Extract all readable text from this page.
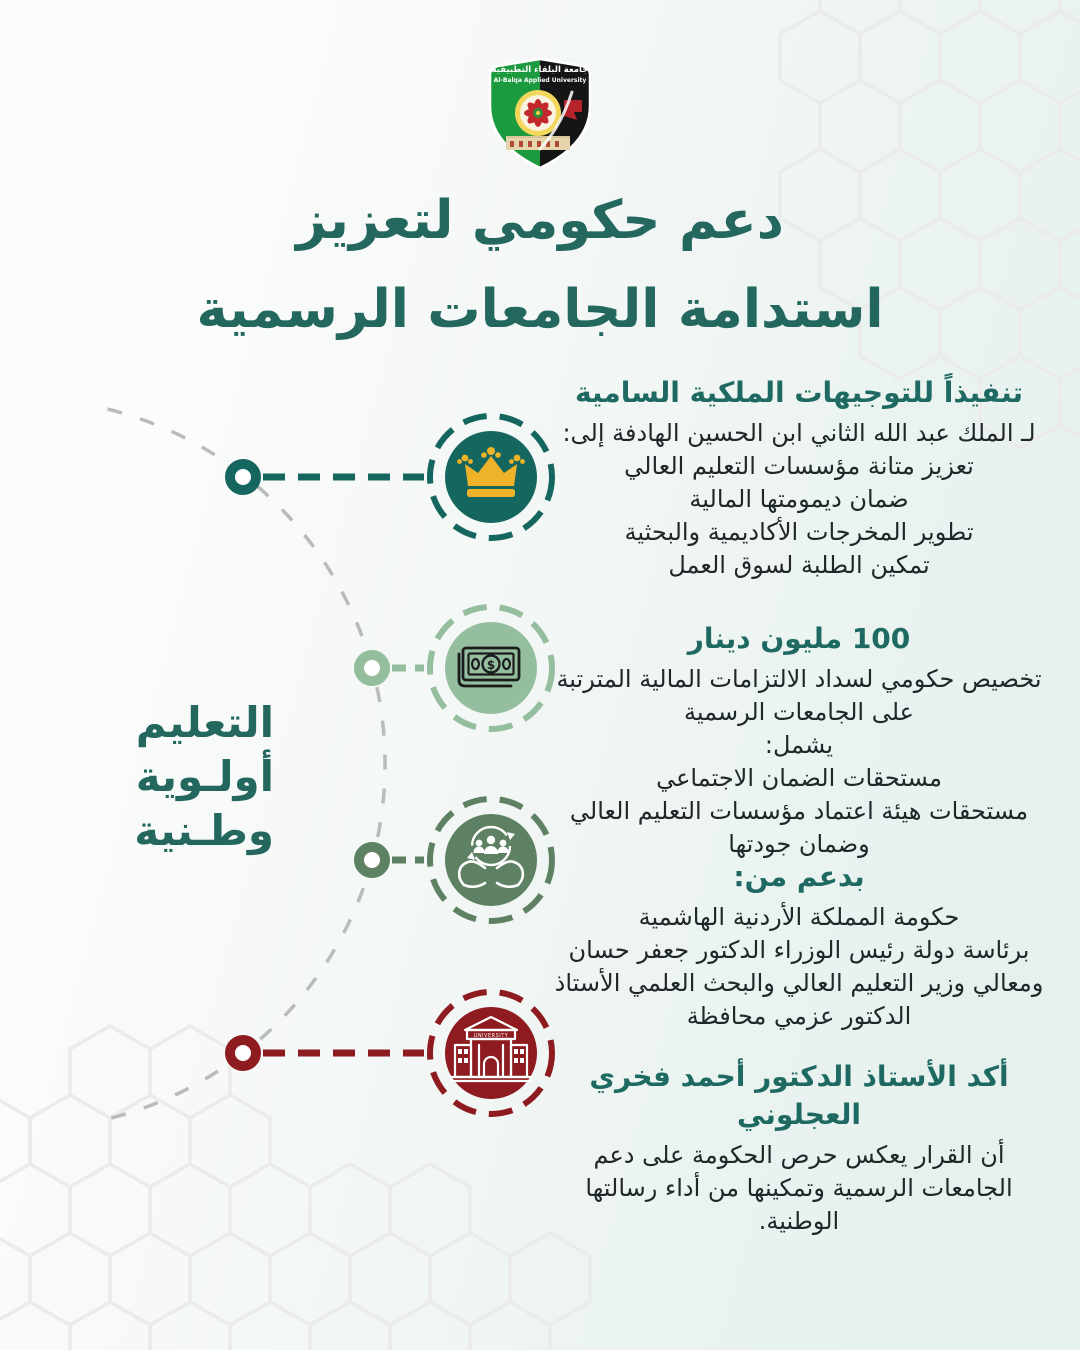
جامعة البلقاء التطبيقية
Al-Balqa Applied University
دعم حكومي لتعزيز
استدامة الجامعات الرسمية
التعليم
أولـوية
وطـنية
$
UNIVERSITY
تنفيذاً للتوجيهات الملكية السامية

لـ الملك عبد الله الثاني ابن الحسين الهادفة إلى:

تعزيز متانة مؤسسات التعليم العالي

ضمان ديمومتها المالية

تطوير المخرجات الأكاديمية والبحثية

تمكين الطلبة لسوق العمل

100 مليون دينار

تخصيص حكومي لسداد الالتزامات المالية المترتبة على الجامعات الرسمية

يشمل:

مستحقات الضمان الاجتماعي

مستحقات هيئة اعتماد مؤسسات التعليم العالي وضمان جودتها

بدعم من:

حكومة المملكة الأردنية الهاشمية

برئاسة دولة رئيس الوزراء الدكتور جعفر حسان

ومعالي وزير التعليم العالي والبحث العلمي الأستاذ الدكتور عزمي محافظة

أكد الأستاذ الدكتور أحمد فخري العجلوني

أن القرار يعكس حرص الحكومة على دعم الجامعات الرسمية وتمكينها من أداء رسالتها الوطنية.
